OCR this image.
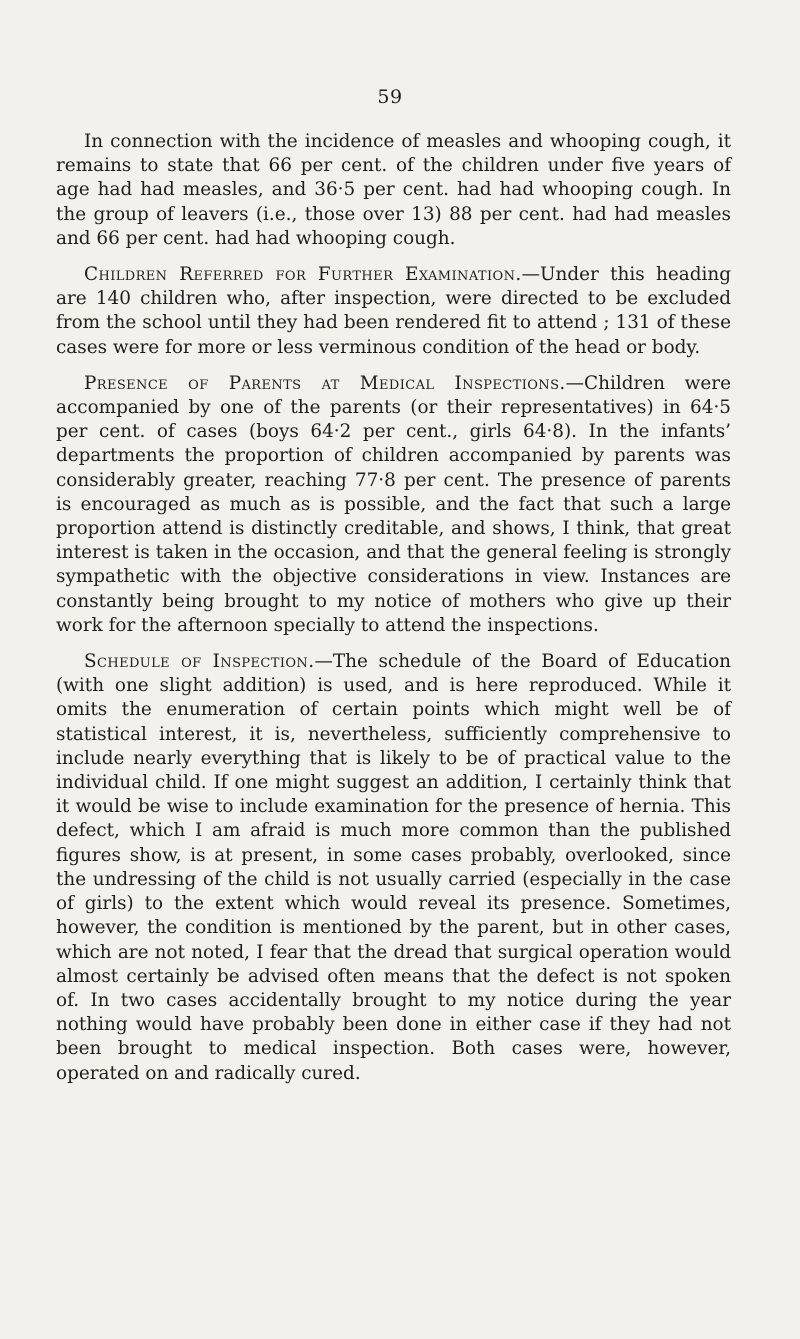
59

In connection with the incidence of measles and whooping cough, it remains to state that 66 per cent. of the children under five years of age had had measles, and 36·5 per cent. had had whooping cough. In the group of leavers (i.e., those over 13) 88 per cent. had had measles and 66 per cent. had had whooping cough.

Children Referred for Further Examination.—Under this heading are 140 children who, after inspection, were directed to be excluded from the school until they had been rendered fit to attend ; 131 of these cases were for more or less verminous condition of the head or body.

Presence of Parents at Medical Inspections.—Children were accompanied by one of the parents (or their representatives) in 64·5 per cent. of cases (boys 64·2 per cent., girls 64·8). In the infants’ departments the proportion of children accompanied by parents was considerably greater, reaching 77·8 per cent. The presence of parents is encouraged as much as is possible, and the fact that such a large proportion attend is distinctly creditable, and shows, I think, that great interest is taken in the occasion, and that the general feeling is strongly sympathetic with the objective considerations in view. Instances are constantly being brought to my notice of mothers who give up their work for the afternoon specially to attend the inspections.

Schedule of Inspection.—The schedule of the Board of Education (with one slight addition) is used, and is here reproduced. While it omits the enumeration of certain points which might well be of statistical interest, it is, nevertheless, sufficiently comprehensive to include nearly everything that is likely to be of practical value to the individual child. If one might suggest an addition, I certainly think that it would be wise to include examination for the presence of hernia. This defect, which I am afraid is much more common than the published figures show, is at present, in some cases probably, overlooked, since the undressing of the child is not usually carried (especially in the case of girls) to the extent which would reveal its presence. Sometimes, however, the condition is mentioned by the parent, but in other cases, which are not noted, I fear that the dread that surgical operation would almost certainly be advised often means that the defect is not spoken of. In two cases accidentally brought to my notice during the year nothing would have probably been done in either case if they had not been brought to medical inspection. Both cases were, however, operated on and radically cured.
